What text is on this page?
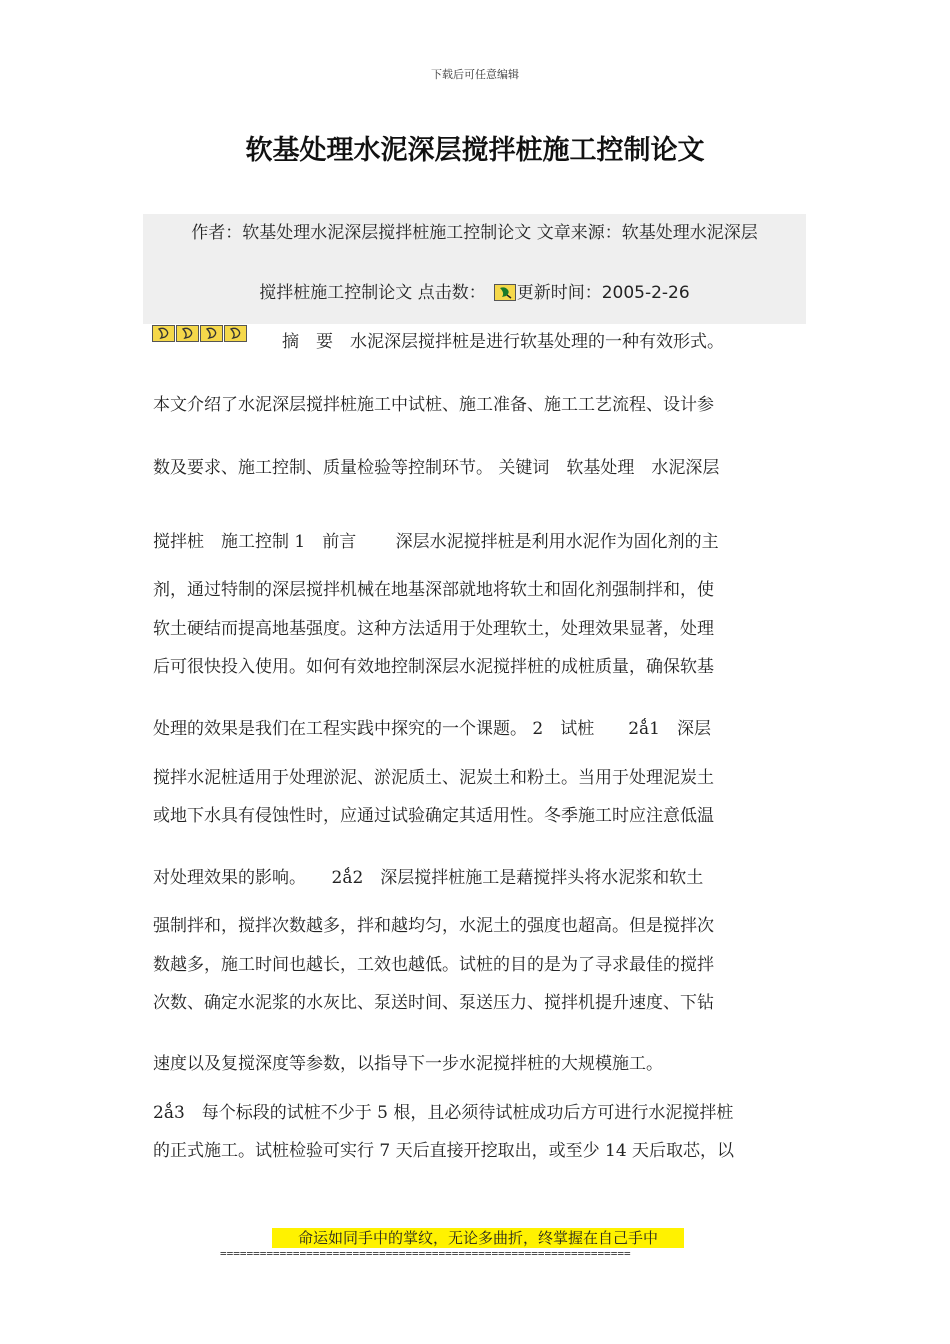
下载后可任意编辑
软基处理水泥深层搅拌桩施工控制论文
作者：软基处理水泥深层搅拌桩施工控制论文 文章来源：软基处理水泥深层
搅拌桩施工控制论文 点击数： 更新时间：2005-2-26
　　摘　要　水泥深层搅拌桩是进行软基处理的一种有效形式。
本文介绍了水泥深层搅拌桩施工中试桩、施工准备、施工工艺流程、设计参
数及要求、施工控制、质量检验等控制环节。 关键词　软基处理　水泥深层
搅拌桩　施工控制 1　前言　　 深层水泥搅拌桩是利用水泥作为固化剂的主
剂，通过特制的深层搅拌机械在地基深部就地将软土和固化剂强制拌和，使
软土硬结而提高地基强度。这种方法适用于处理软土，处理效果显著，处理
后可很快投入使用。如何有效地控制深层水泥搅拌桩的成桩质量，确保软基
处理的效果是我们在工程实践中探究的一个课题。 2　试桩　　2ǻ1　深层
搅拌水泥桩适用于处理淤泥、淤泥质土、泥炭土和粉土。当用于处理泥炭土
或地下水具有侵蚀性时，应通过试验确定其适用性。冬季施工时应注意低温
对处理效果的影响。　　2ǻ2　深层搅拌桩施工是藉搅拌头将水泥浆和软土
强制拌和，搅拌次数越多，拌和越均匀，水泥土的强度也超高。但是搅拌次
数越多，施工时间也越长，工效也越低。试桩的目的是为了寻求最佳的搅拌
次数、确定水泥浆的水灰比、泵送时间、泵送压力、搅拌机提升速度、下钻
速度以及复搅深度等参数，以指导下一步水泥搅拌桩的大规模施工。
2ǻ3　每个标段的试桩不少于 5 根，且必须待试桩成功后方可进行水泥搅拌桩
的正式施工。试桩检验可实行 7 天后直接开挖取出，或至少 14 天后取芯，以
命运如同手中的掌纹，无论多曲折，终掌握在自己手中
==============================================================
